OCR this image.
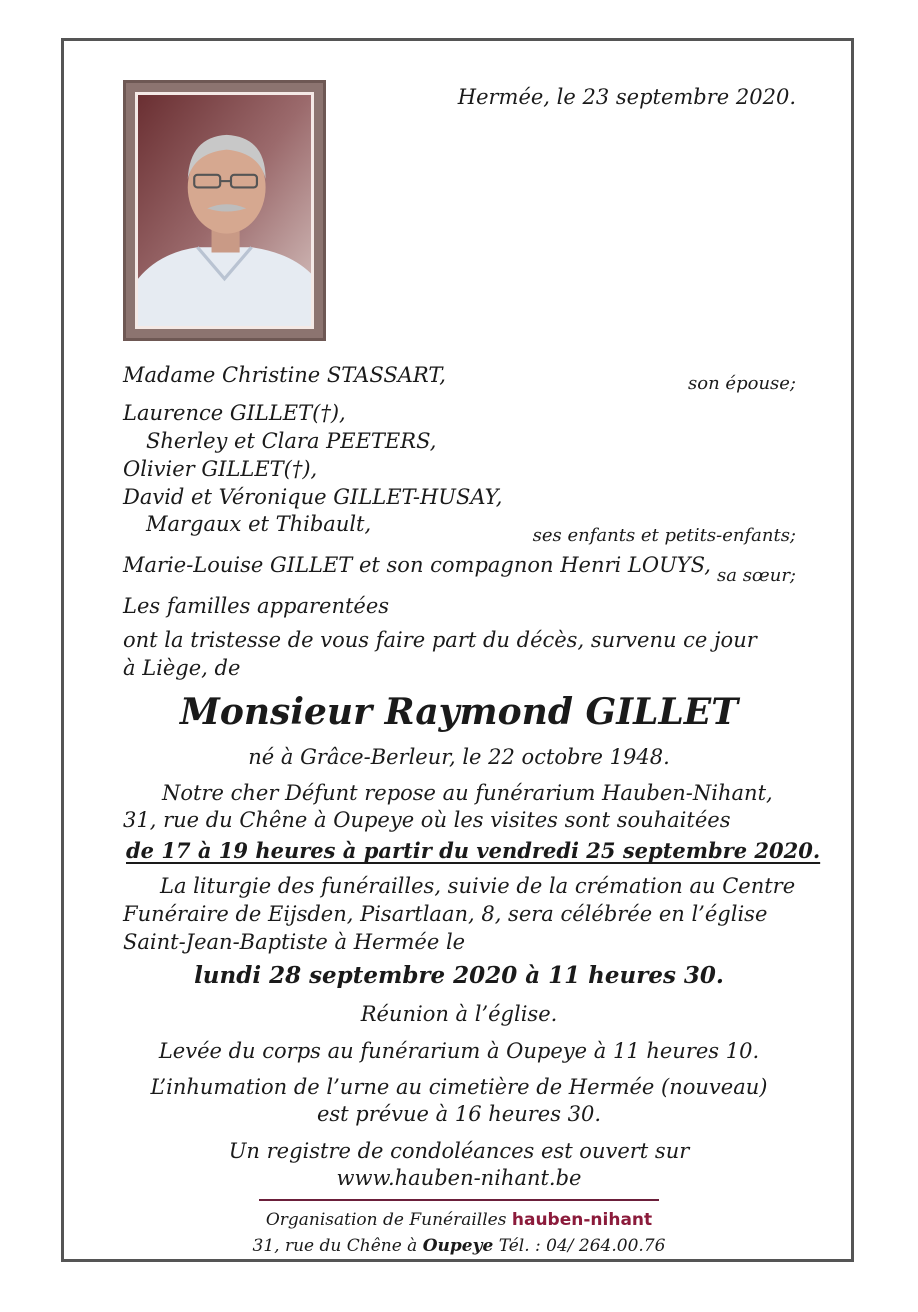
Hermée, le 23 septembre 2020.

Madame Christine STASSART,	son épouse;

Laurence GILLET(†),

Sherley et Clara PEETERS,

Olivier GILLET(†),

David et Véronique GILLET-HUSAY,

Margaux et Thibault,	ses enfants et petits-enfants;

Marie-Louise GILLET et son compagnon Henri LOUYS, sa sœur;

Les familles apparentées

ont la tristesse de vous faire part du décès, survenu ce jour

à Liège, de

Monsieur Raymond GILLET

né à Grâce-Berleur, le 22 octobre 1948.

Notre cher Défunt repose au funérarium Hauben-Nihant,

31, rue du Chêne à Oupeye où les visites sont souhaitées

de 17 à 19 heures à partir du vendredi 25 septembre 2020.

La liturgie des funérailles, suivie de la crémation au Centre

Funéraire de Eijsden, Pisartlaan, 8, sera célébrée en l’église

Saint-Jean-Baptiste à Hermée le

lundi 28 septembre 2020 à 11 heures 30.

Réunion à l’église.

Levée du corps au funérarium à Oupeye à 11 heures 10.

L’inhumation de l’urne au cimetière de Hermée (nouveau)

est prévue à 16 heures 30.

Un registre de condoléances est ouvert sur

www.hauben-nihant.be

Organisation de Funérailles hauben-nihant

31, rue du Chêne à Oupeye Tél. : 04/ 264.00.76
